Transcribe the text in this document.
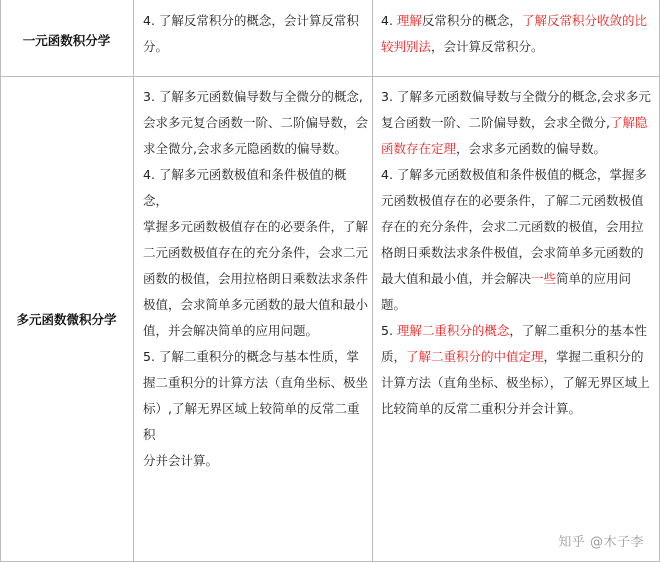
一元函数积分学

4. 了解反常积分的概念，会计算反常积

分。

4. 理解反常积分的概念，了解反常积分收敛的比

较判别法，会计算反常积分。

多元函数微积分学

3. 了解多元函数偏导数与全微分的概念,

会求多元复合函数一阶、二阶偏导数，会

求全微分,会求多元隐函数的偏导数。

4. 了解多元函数极值和条件极值的概念，

掌握多元函数极值存在的必要条件，了解

二元函数极值存在的充分条件，会求二元

函数的极值，会用拉格朗日乘数法求条件

极值，会求简单多元函数的最大值和最小

值，并会解决简单的应用问题。

5. 了解二重积分的概念与基本性质，掌

握二重积分的计算方法（直角坐标、极坐

标）,了解无界区域上较简单的反常二重积

分并会计算。

3. 了解多元函数偏导数与全微分的概念,会求多元

复合函数一阶、二阶偏导数，会求全微分,了解隐

函数存在定理，会求多元函数的偏导数。

4. 了解多元函数极值和条件极值的概念，掌握多

元函数极值存在的必要条件，了解二元函数极值

存在的充分条件，会求二元函数的极值，会用拉

格朗日乘数法求条件极值，会求简单多元函数的

最大值和最小值，并会解决一些简单的应用问题。

5. 理解二重积分的概念，了解二重积分的基本性

质，了解二重积分的中值定理，掌握二重积分的

计算方法（直角坐标、极坐标），了解无界区域上

比较简单的反常二重积分并会计算。

知乎 @木子李
